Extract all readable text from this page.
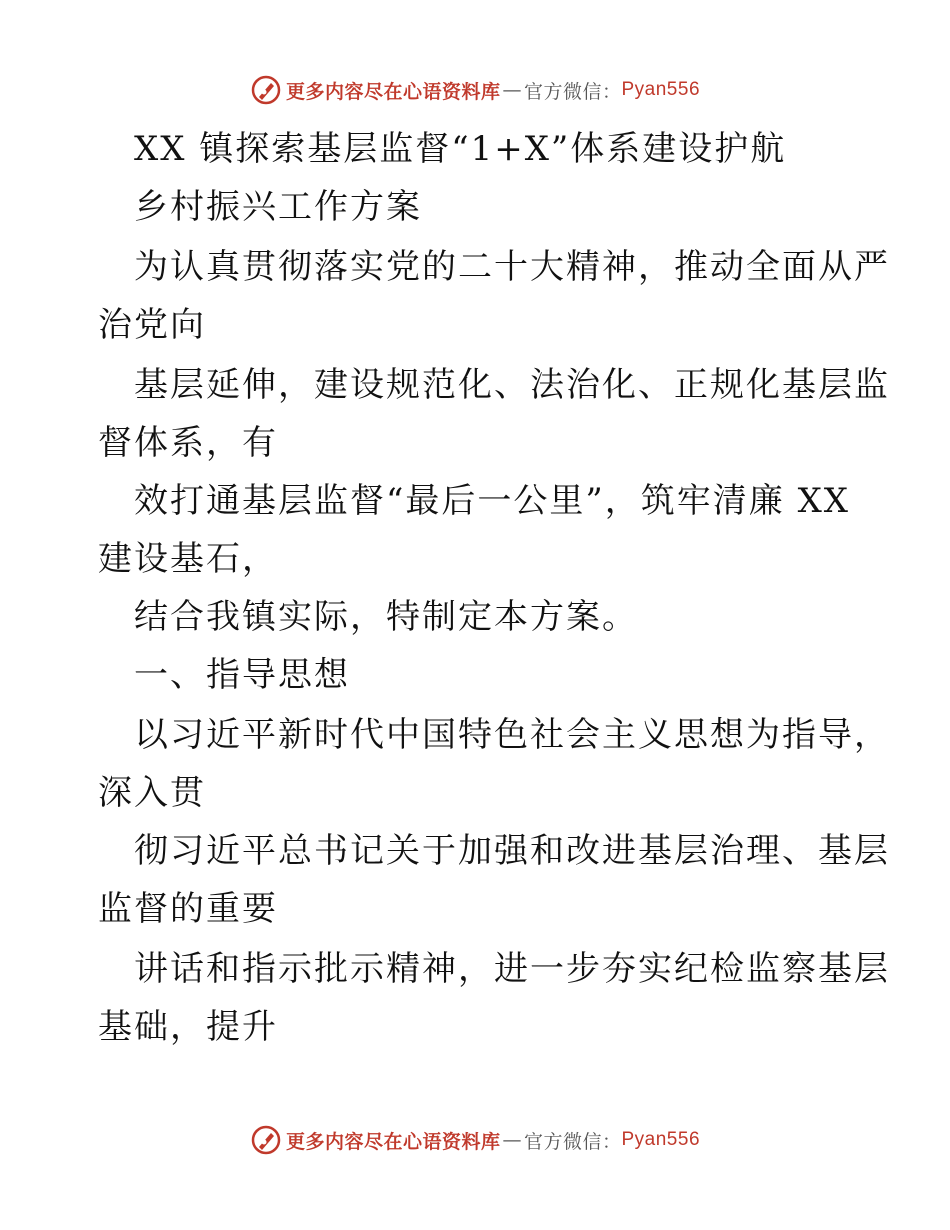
更多内容尽在心语资料库 — 官方微信： Pyan556
XX 镇探索基层监督“1+X”体系建设护航
乡村振兴工作方案
为认真贯彻落实党的二十大精神，推动全面从严
治党向
基层延伸，建设规范化、法治化、正规化基层监
督体系，有
效打通基层监督“最后一公里”，筑牢清廉 XX
建设基石，
结合我镇实际，特制定本方案。
一、指导思想
以习近平新时代中国特色社会主义思想为指导，
深入贯
彻习近平总书记关于加强和改进基层治理、基层
监督的重要
讲话和指示批示精神，进一步夯实纪检监察基层
基础，提升
更多内容尽在心语资料库 — 官方微信： Pyan556
